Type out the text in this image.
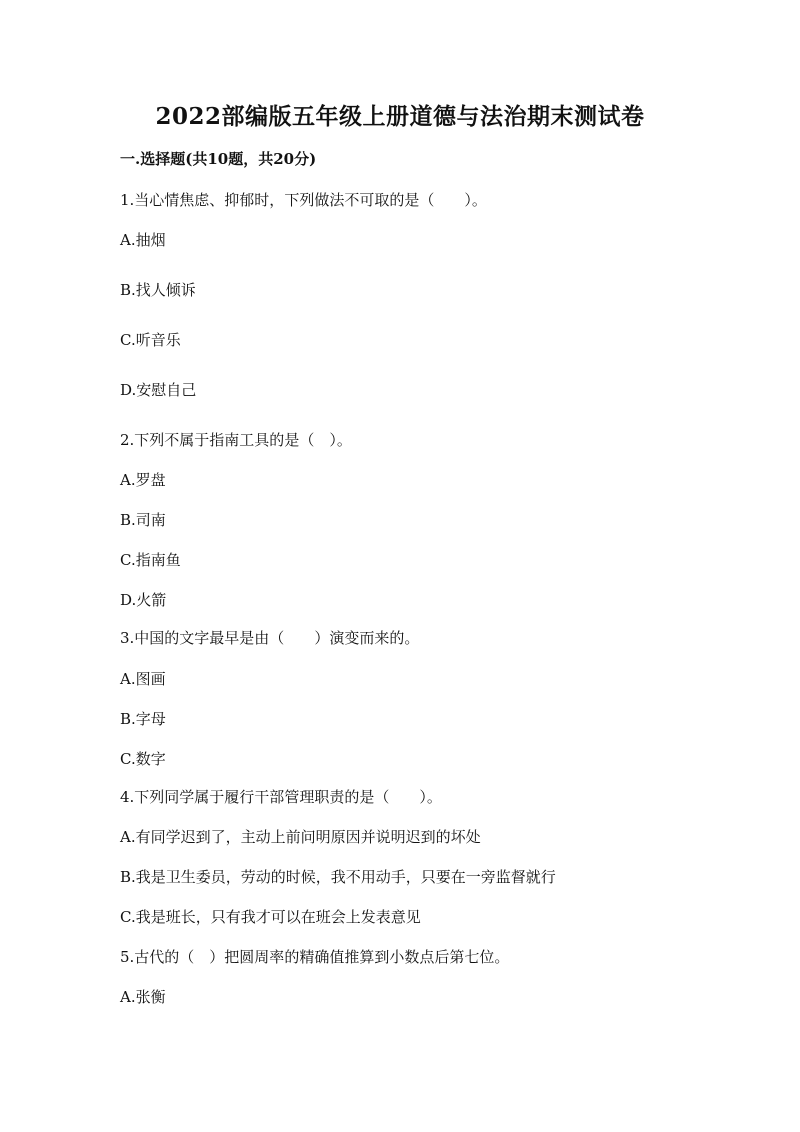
2022部编版五年级上册道德与法治期末测试卷
一.选择题(共10题，共20分)
1.当心情焦虑、抑郁时，下列做法不可取的是（　　）。
A.抽烟
B.找人倾诉
C.听音乐
D.安慰自己
2.下列不属于指南工具的是（　）。
A.罗盘
B.司南
C.指南鱼
D.火箭
3.中国的文字最早是由（　　）演变而来的。
A.图画
B.字母
C.数字
4.下列同学属于履行干部管理职责的是（　　）。
A.有同学迟到了，主动上前问明原因并说明迟到的坏处
B.我是卫生委员，劳动的时候，我不用动手，只要在一旁监督就行
C.我是班长，只有我才可以在班会上发表意见
5.古代的（　）把圆周率的精确值推算到小数点后第七位。
A.张衡
